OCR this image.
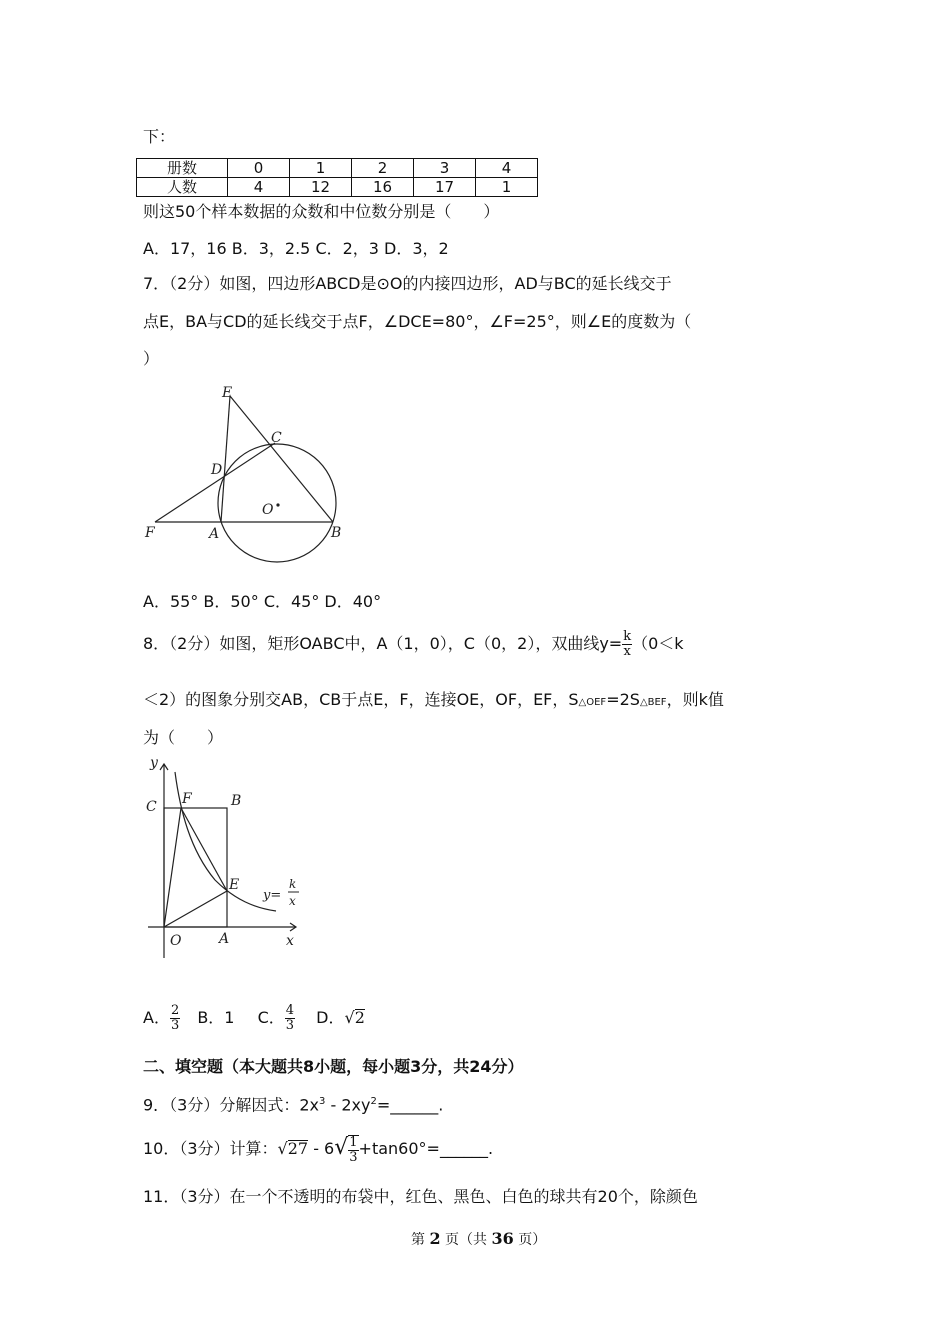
下：
册数	0	1	2	3	4
人数	4	12	16	17	1
则这50个样本数据的众数和中位数分别是（　　）
A．17，16 B．3，2.5 C．2，3 D．3，2
7．（2分）如图，四边形ABCD是⊙O的内接四边形，AD与BC的延长线交于
点E，BA与CD的延长线交于点F，∠DCE=80°，∠F=25°，则∠E的度数为（
）
E
C
D
O
F	A	B
A．55° B．50° C．45° D．40°
8．（2分）如图，矩形OABC中，A（1，0），C（0，2），双曲线$y= \frac{k}{x} (0<k$
＜2）的图象分别交AB，CB于点E，F，连接OE，OF，EF，S△OEF=2S△BEF，则k值
为（　　）
y
C F	B
E
y=
k
x
O	A	x
A． $\frac{2}{3}$ B．1 C． $\frac{4}{3}$ D．√2
二、填空题（本大题共8小题，每小题3分，共24分）
9．（3分）分解因式：$2x^3$ - $2xy^2=\_\_\_\_\_\_$.
10．（3分）计算：$√27 - 6√ \frac{1}{3}$ +tan60°=______.
11．（3分）在一个不透明的布袋中，红色、黑色、白色的球共有20个，除颜色
第 2 页（共 36 页）
